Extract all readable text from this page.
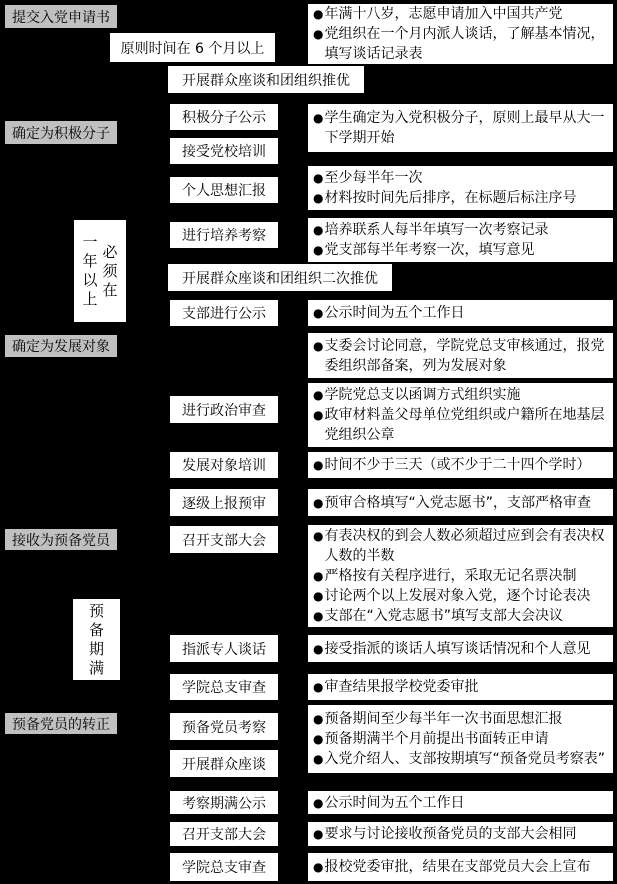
提交入党申请书
确定为积极分子
确定为发展对象
接收为预备党员
预备党员的转正
原则时间在 6 个月以上
开展群众座谈和团组织推优
积极分子公示
接受党校培训
个人思想汇报
进行培养考察
开展群众座谈和团组织二次推优
支部进行公示
进行政治审查
发展对象培训
逐级上报预审
召开支部大会
指派专人谈话
学院总支审查
预备党员考察
开展群众座谈
考察期满公示
召开支部大会
学院总支审查
必须在
一年以上
预备期满
● 年满十八岁，志愿申请加入中国共产党
● 党组织在一个月内派人谈话，了解基本情况，填写谈话记录表
● 学生确定为入党积极分子，原则上最早从大一下学期开始
● 至少每半年一次
● 材料按时间先后排序，在标题后标注序号
● 培养联系人每半年填写一次考察记录
● 党支部每半年考察一次，填写意见
● 公示时间为五个工作日
● 支委会讨论同意，学院党总支审核通过，报党委组织部备案，列为发展对象
● 学院党总支以函调方式组织实施
● 政审材料盖父母单位党组织或户籍所在地基层党组织公章
● 时间不少于三天（或不少于二十四个学时）
● 预审合格填写“入党志愿书”，支部严格审查
● 有表决权的到会人数必须超过应到会有表决权人数的半数
● 严格按有关程序进行，采取无记名票决制
● 讨论两个以上发展对象入党，逐个讨论表决
● 支部在“入党志愿书”填写支部大会决议
● 接受指派的谈话人填写谈话情况和个人意见
● 审查结果报学校党委审批
● 预备期间至少每半年一次书面思想汇报
● 预备期满半个月前提出书面转正申请
● 入党介绍人、支部按期填写“预备党员考察表”
● 公示时间为五个工作日
● 要求与讨论接收预备党员的支部大会相同
● 报校党委审批，结果在支部党员大会上宣布
